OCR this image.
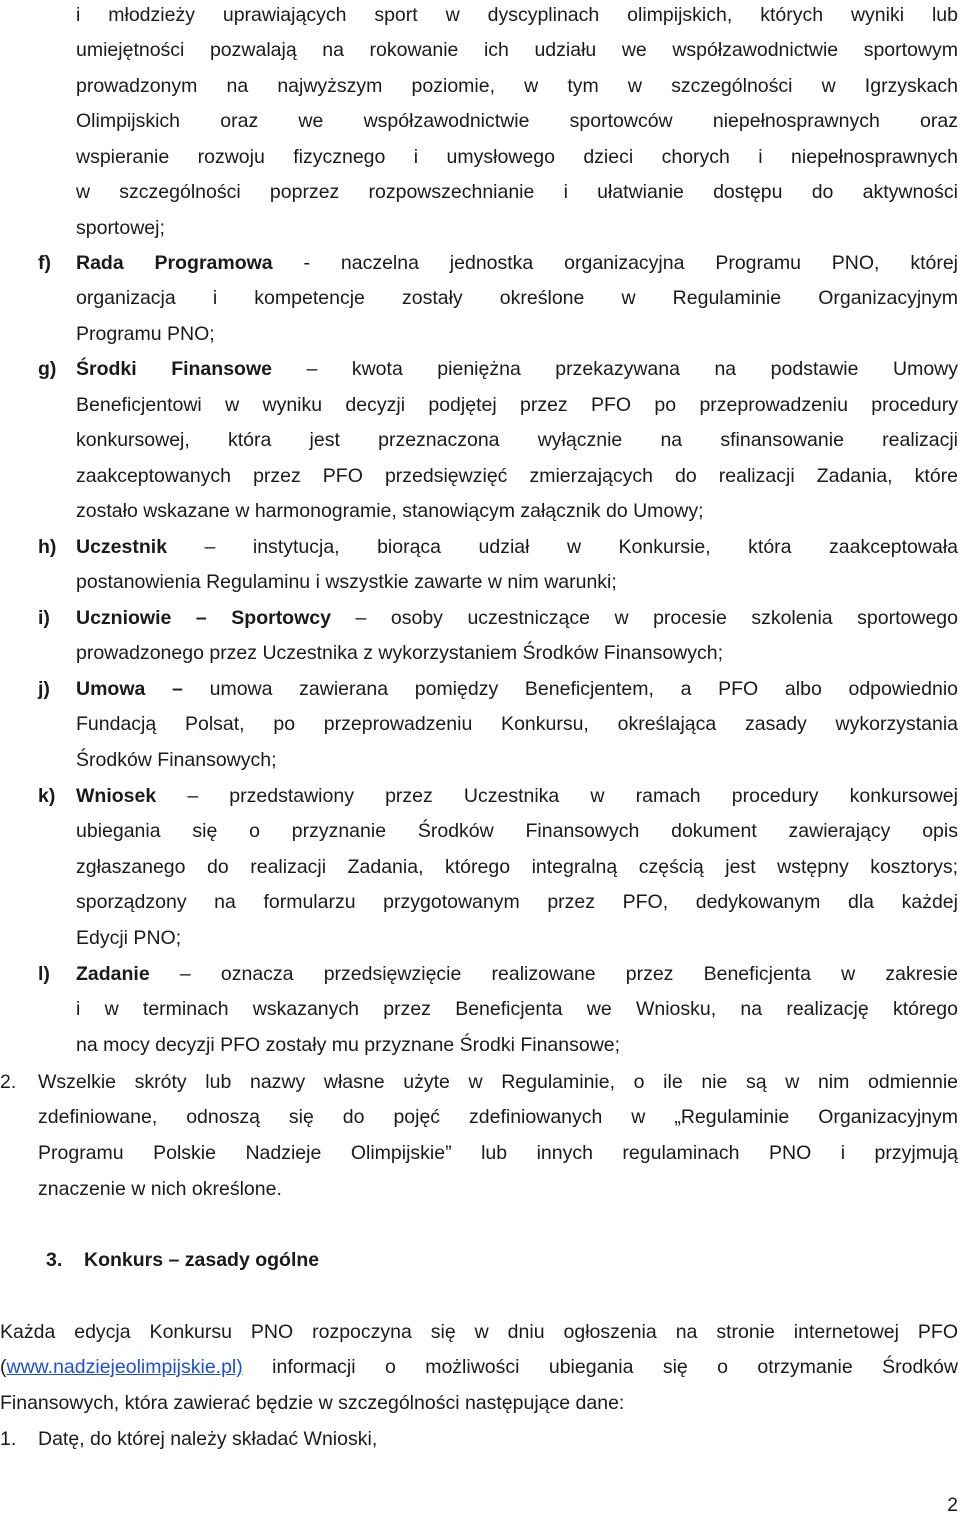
i młodzieży uprawiających sport w dyscyplinach olimpijskich, których wyniki lub
umiejętności pozwalają na rokowanie ich udziału we współzawodnictwie sportowym
prowadzonym na najwyższym poziomie, w tym w szczególności w Igrzyskach
Olimpijskich oraz we współzawodnictwie sportowców niepełnosprawnych oraz
wspieranie rozwoju fizycznego i umysłowego dzieci chorych i niepełnosprawnych
w szczególności poprzez rozpowszechnianie i ułatwianie dostępu do aktywności
sportowej;
f) Rada Programowa - naczelna jednostka organizacyjna Programu PNO, której
organizacja i kompetencje zostały określone w Regulaminie Organizacyjnym
Programu PNO;
g) Środki Finansowe – kwota pieniężna przekazywana na podstawie Umowy
Beneficjentowi w wyniku decyzji podjętej przez PFO po przeprowadzeniu procedury
konkursowej, która jest przeznaczona wyłącznie na sfinansowanie realizacji
zaakceptowanych przez PFO przedsięwzięć zmierzających do realizacji Zadania, które
zostało wskazane w harmonogramie, stanowiącym załącznik do Umowy;
h) Uczestnik – instytucja, biorąca udział w Konkursie, która zaakceptowała
postanowienia Regulaminu i wszystkie zawarte w nim warunki;
i) Uczniowie – Sportowcy – osoby uczestniczące w procesie szkolenia sportowego
prowadzonego przez Uczestnika z wykorzystaniem Środków Finansowych;
j) Umowa – umowa zawierana pomiędzy Beneficjentem, a PFO albo odpowiednio
Fundacją Polsat, po przeprowadzeniu Konkursu, określająca zasady wykorzystania
Środków Finansowych;
k) Wniosek – przedstawiony przez Uczestnika w ramach procedury konkursowej
ubiegania się o przyznanie Środków Finansowych dokument zawierający opis
zgłaszanego do realizacji Zadania, którego integralną częścią jest wstępny kosztorys;
sporządzony na formularzu przygotowanym przez PFO, dedykowanym dla każdej
Edycji PNO;
l) Zadanie – oznacza przedsięwzięcie realizowane przez Beneficjenta w zakresie
i w terminach wskazanych przez Beneficjenta we Wniosku, na realizację którego
na mocy decyzji PFO zostały mu przyznane Środki Finansowe;
2. Wszelkie skróty lub nazwy własne użyte w Regulaminie, o ile nie są w nim odmiennie
zdefiniowane, odnoszą się do pojęć zdefiniowanych w „Regulaminie Organizacyjnym
Programu Polskie Nadzieje Olimpijskie” lub innych regulaminach PNO i przyjmują
znaczenie w nich określone.
3. Konkurs – zasady ogólne
Każda edycja Konkursu PNO rozpoczyna się w dniu ogłoszenia na stronie internetowej PFO
(www.nadziejeolimpijskie.pl) informacji o możliwości ubiegania się o otrzymanie Środków
Finansowych, która zawierać będzie w szczególności następujące dane:
1. Datę, do której należy składać Wnioski,
2
